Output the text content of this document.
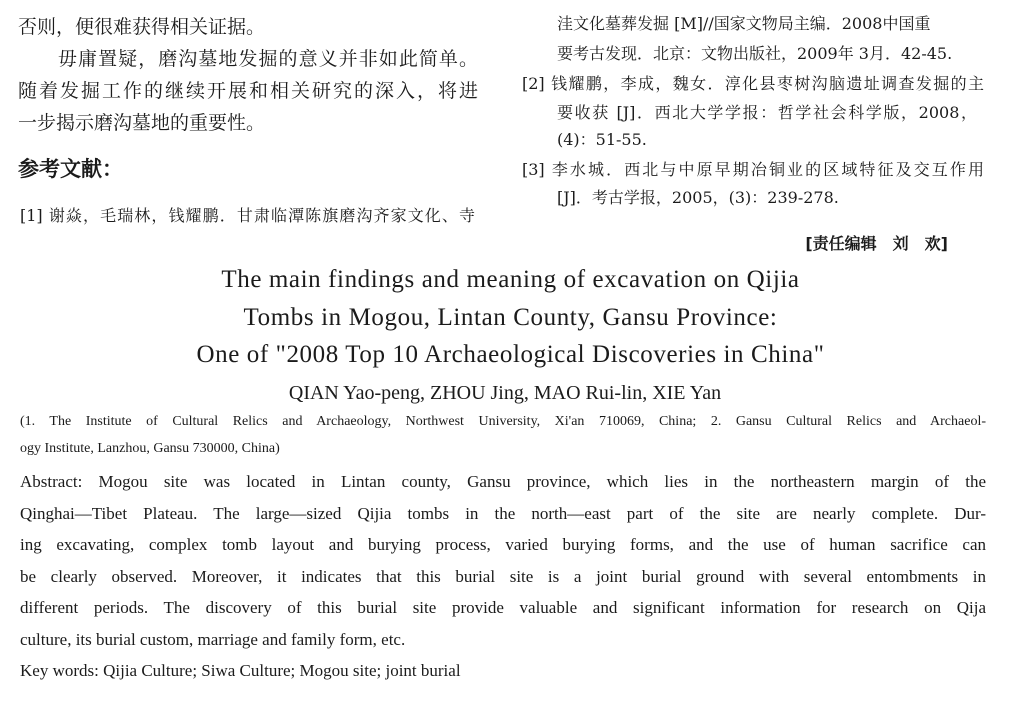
否则，便很难获得相关证据。
毋庸置疑，磨沟墓地发掘的意义并非如此简单。
随着发掘工作的继续开展和相关研究的深入，将进
一步揭示磨沟墓地的重要性。
参考文献：
[1] 谢焱，毛瑞林，钱耀鹏．甘肃临潭陈旗磨沟齐家文化、寺
洼文化墓葬发掘 [M]//国家文物局主编．2008中国重
要考古发现．北京：文物出版社，2009年 3月．42-45.
[2] 钱耀鹏，李成，魏女．淳化县枣树沟脑遗址调查发掘的主
要收获 [J]．西北大学学报：哲学社会科学版，2008，
(4)：51-55.
[3] 李水城．西北与中原早期冶铜业的区域特征及交互作用
[J]．考古学报，2005，(3)：239-278.
[责任编辑　刘　欢]
The main findings and meaning of excavation on Qijia
Tombs in Mogou, Lintan County, Gansu Province:
One of "2008 Top 10 Archaeological Discoveries in China"
QIAN Yao-peng, ZHOU Jing, MAO Rui-lin, XIE Yan
(1. The Institute of Cultural Relics and Archaeology, Northwest University, Xi'an 710069, China; 2. Gansu Cultural Relics and Archaeol-
ogy Institute, Lanzhou, Gansu 730000, China)
Abstract: Mogou site was located in Lintan county, Gansu province, which lies in the northeastern margin of the
Qinghai—Tibet Plateau. The large—sized Qijia tombs in the north—east part of the site are nearly complete. Dur-
ing excavating, complex tomb layout and burying process, varied burying forms, and the use of human sacrifice can
be clearly observed. Moreover, it indicates that this burial site is a joint burial ground with several entombments in
different periods. The discovery of this burial site provide valuable and significant information for research on Qija
culture, its burial custom, marriage and family form, etc.
Key words: Qijia Culture; Siwa Culture; Mogou site; joint burial
